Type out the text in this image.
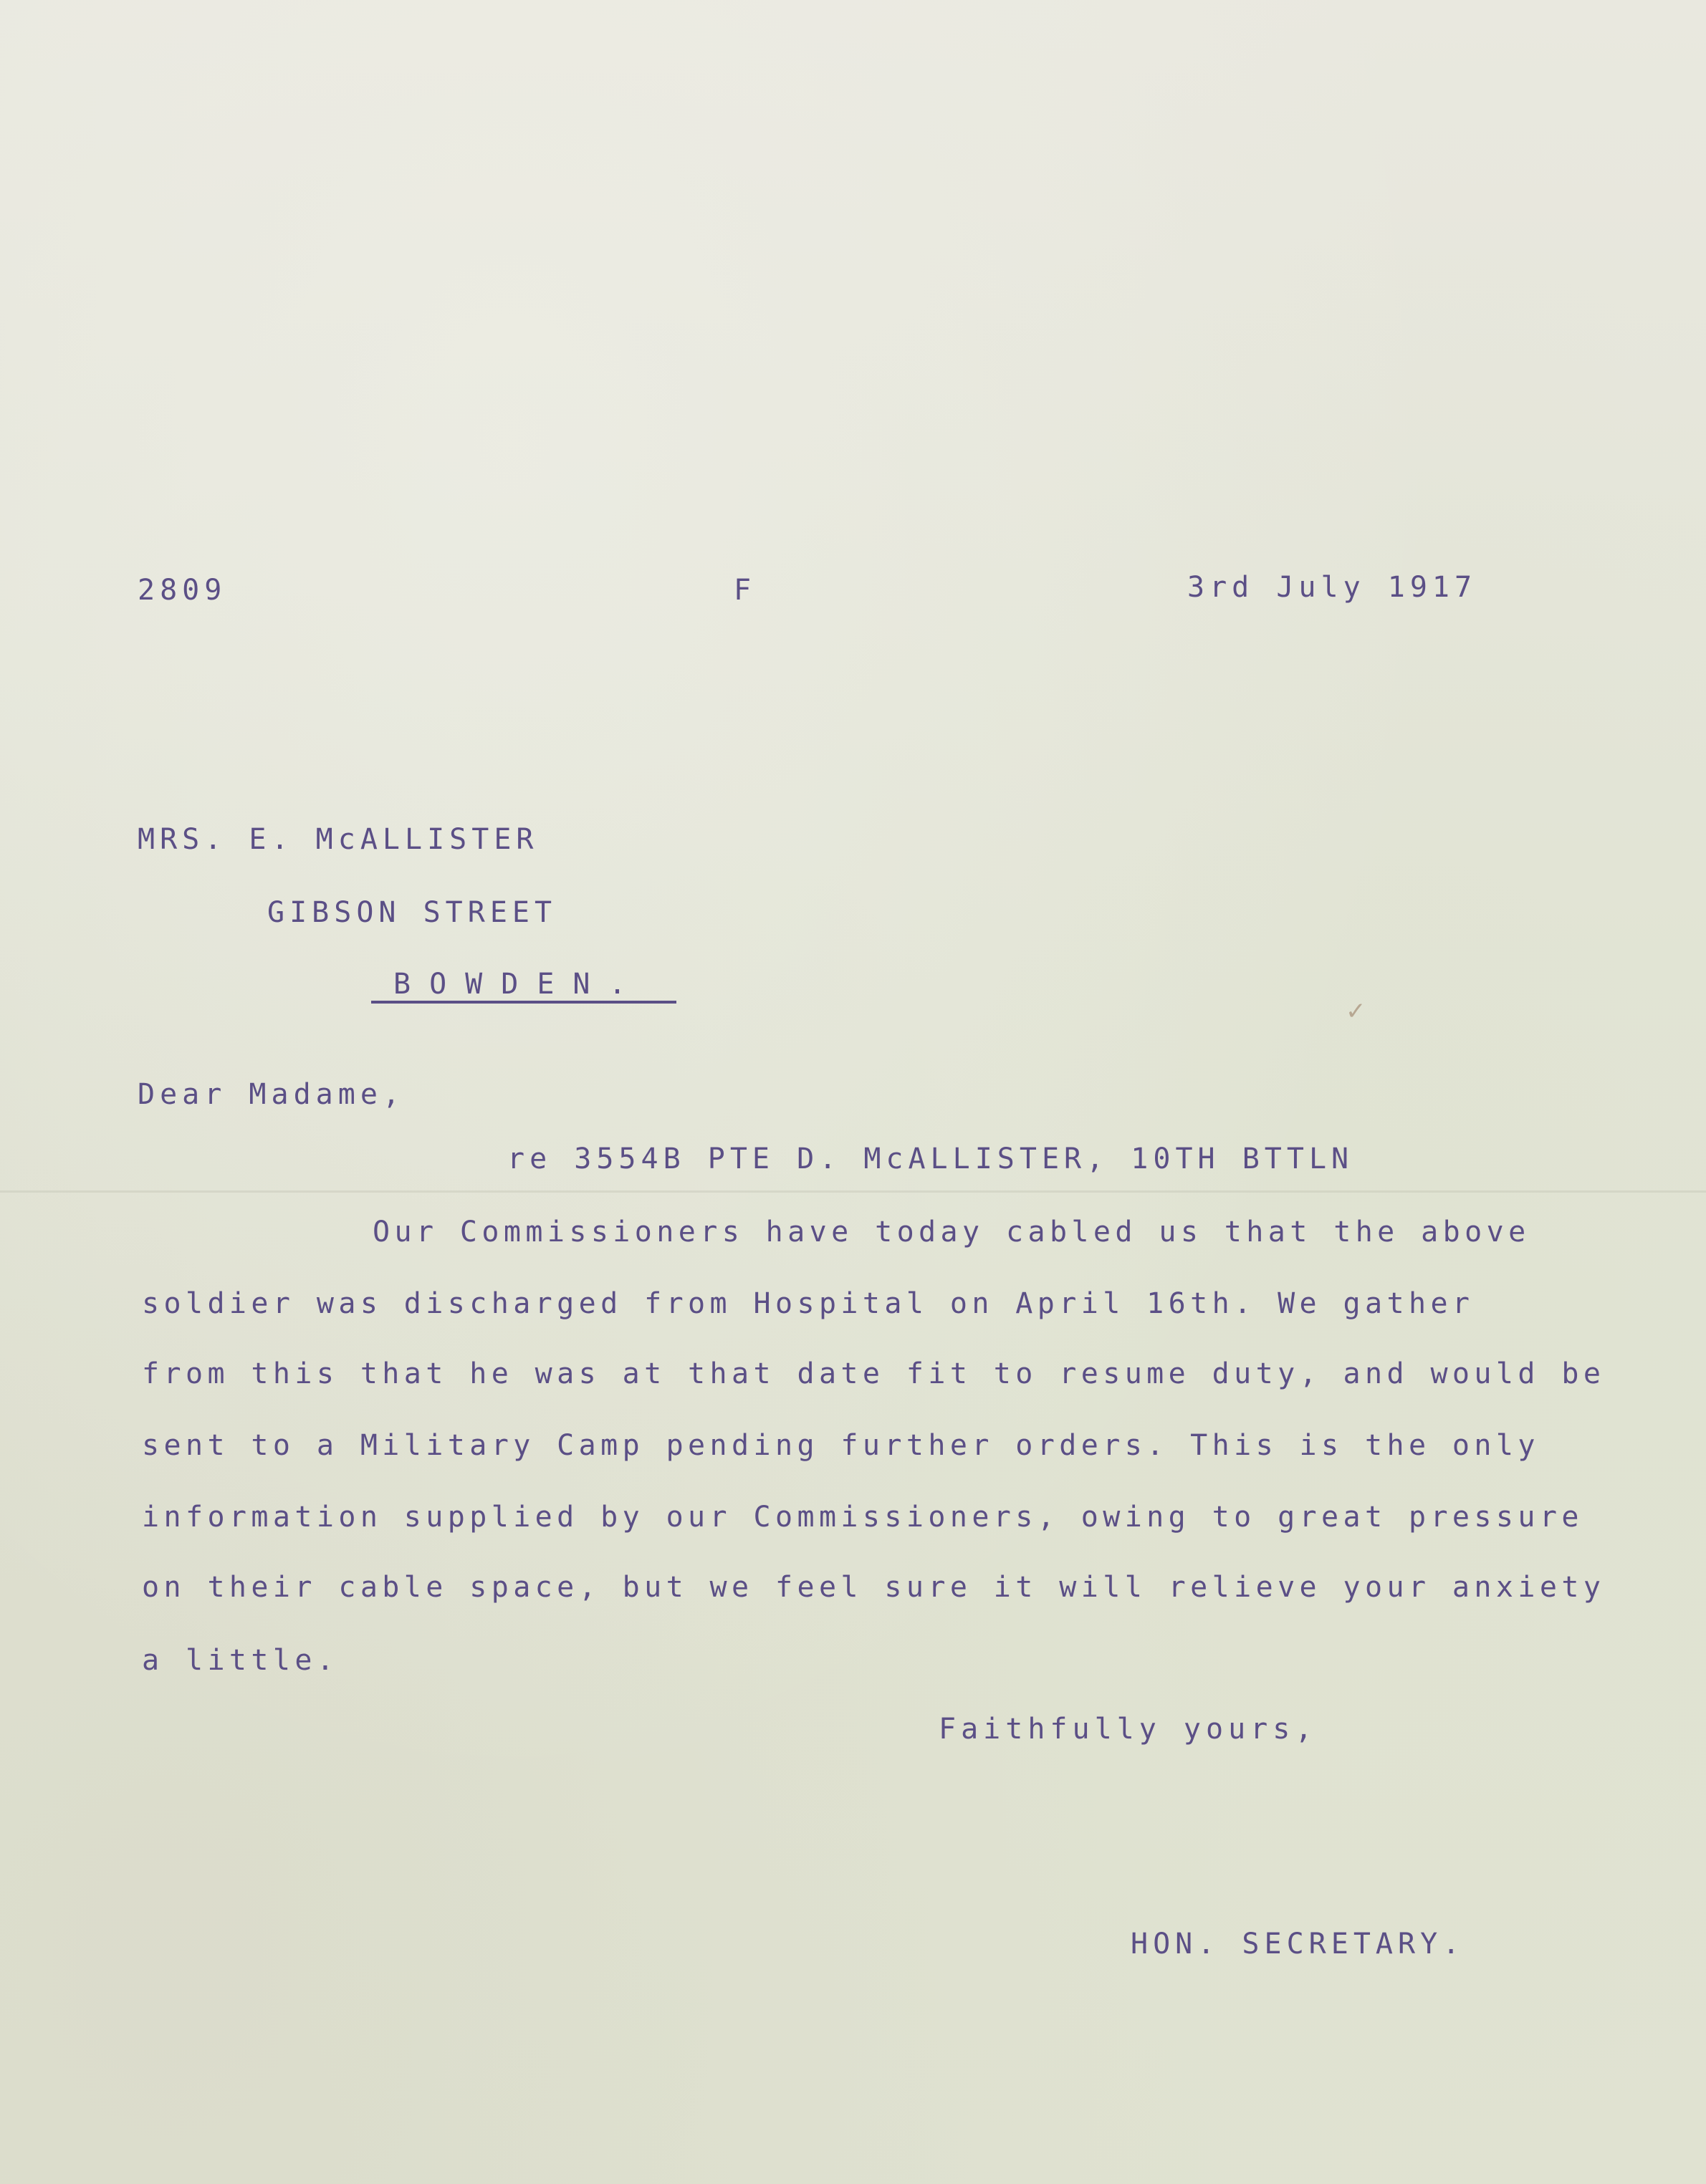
2809	F	3rd July 1917
MRS. E. McALLISTER
GIBSON STREET
BOWDEN.
Dear Madame,
re 3554B PTE D. McALLISTER, 10TH BTTLN
Our Commissioners have today cabled us that the above
soldier was discharged from Hospital on April 16th. We gather
from this that he was at that date fit to resume duty, and would be
sent to a Military Camp pending further orders. This is the only
information supplied by our Commissioners, owing to great pressure
on their cable space, but we feel sure it will relieve your anxiety
a little.
Faithfully yours,
HON. SECRETARY.
✓
